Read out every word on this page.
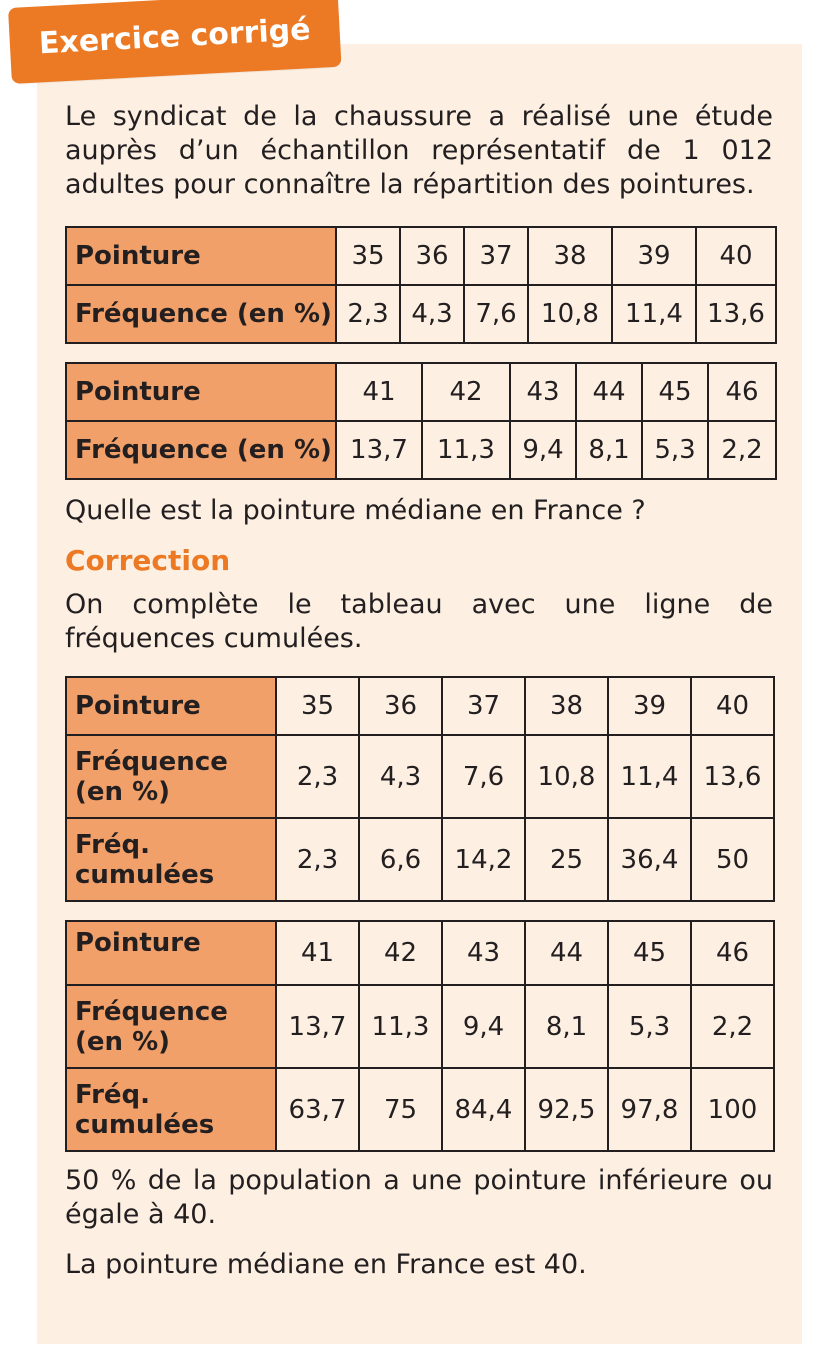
Exercice corrigé

Le syndicat de la chaussure a réalisé une étude auprès d’un échantillon représentatif de 1 012 adultes pour connaître la répartition des pointures.

Pointure	35	36	37	38	39	40
Fréquence (en %)	2,3	4,3	7,6	10,8	11,4	13,6
Pointure	41	42	43	44	45	46
Fréquence (en %)	13,7	11,3	9,4	8,1	5,3	2,2

Quelle est la pointure médiane en France ?

Correction

On complète le tableau avec une ligne de fréquences cumulées.

Pointure	35	36	37	38	39	40
Fréquence
(en %)	2,3	4,3	7,6	10,8	11,4	13,6
Fréq.
cumulées	2,3	6,6	14,2	25	36,4	50
Pointure	41	42	43	44	45	46
Fréquence
(en %)	13,7	11,3	9,4	8,1	5,3	2,2
Fréq.
cumulées	63,7	75	84,4	92,5	97,8	100

50 % de la population a une pointure inférieure ou égale à 40.

La pointure médiane en France est 40.
